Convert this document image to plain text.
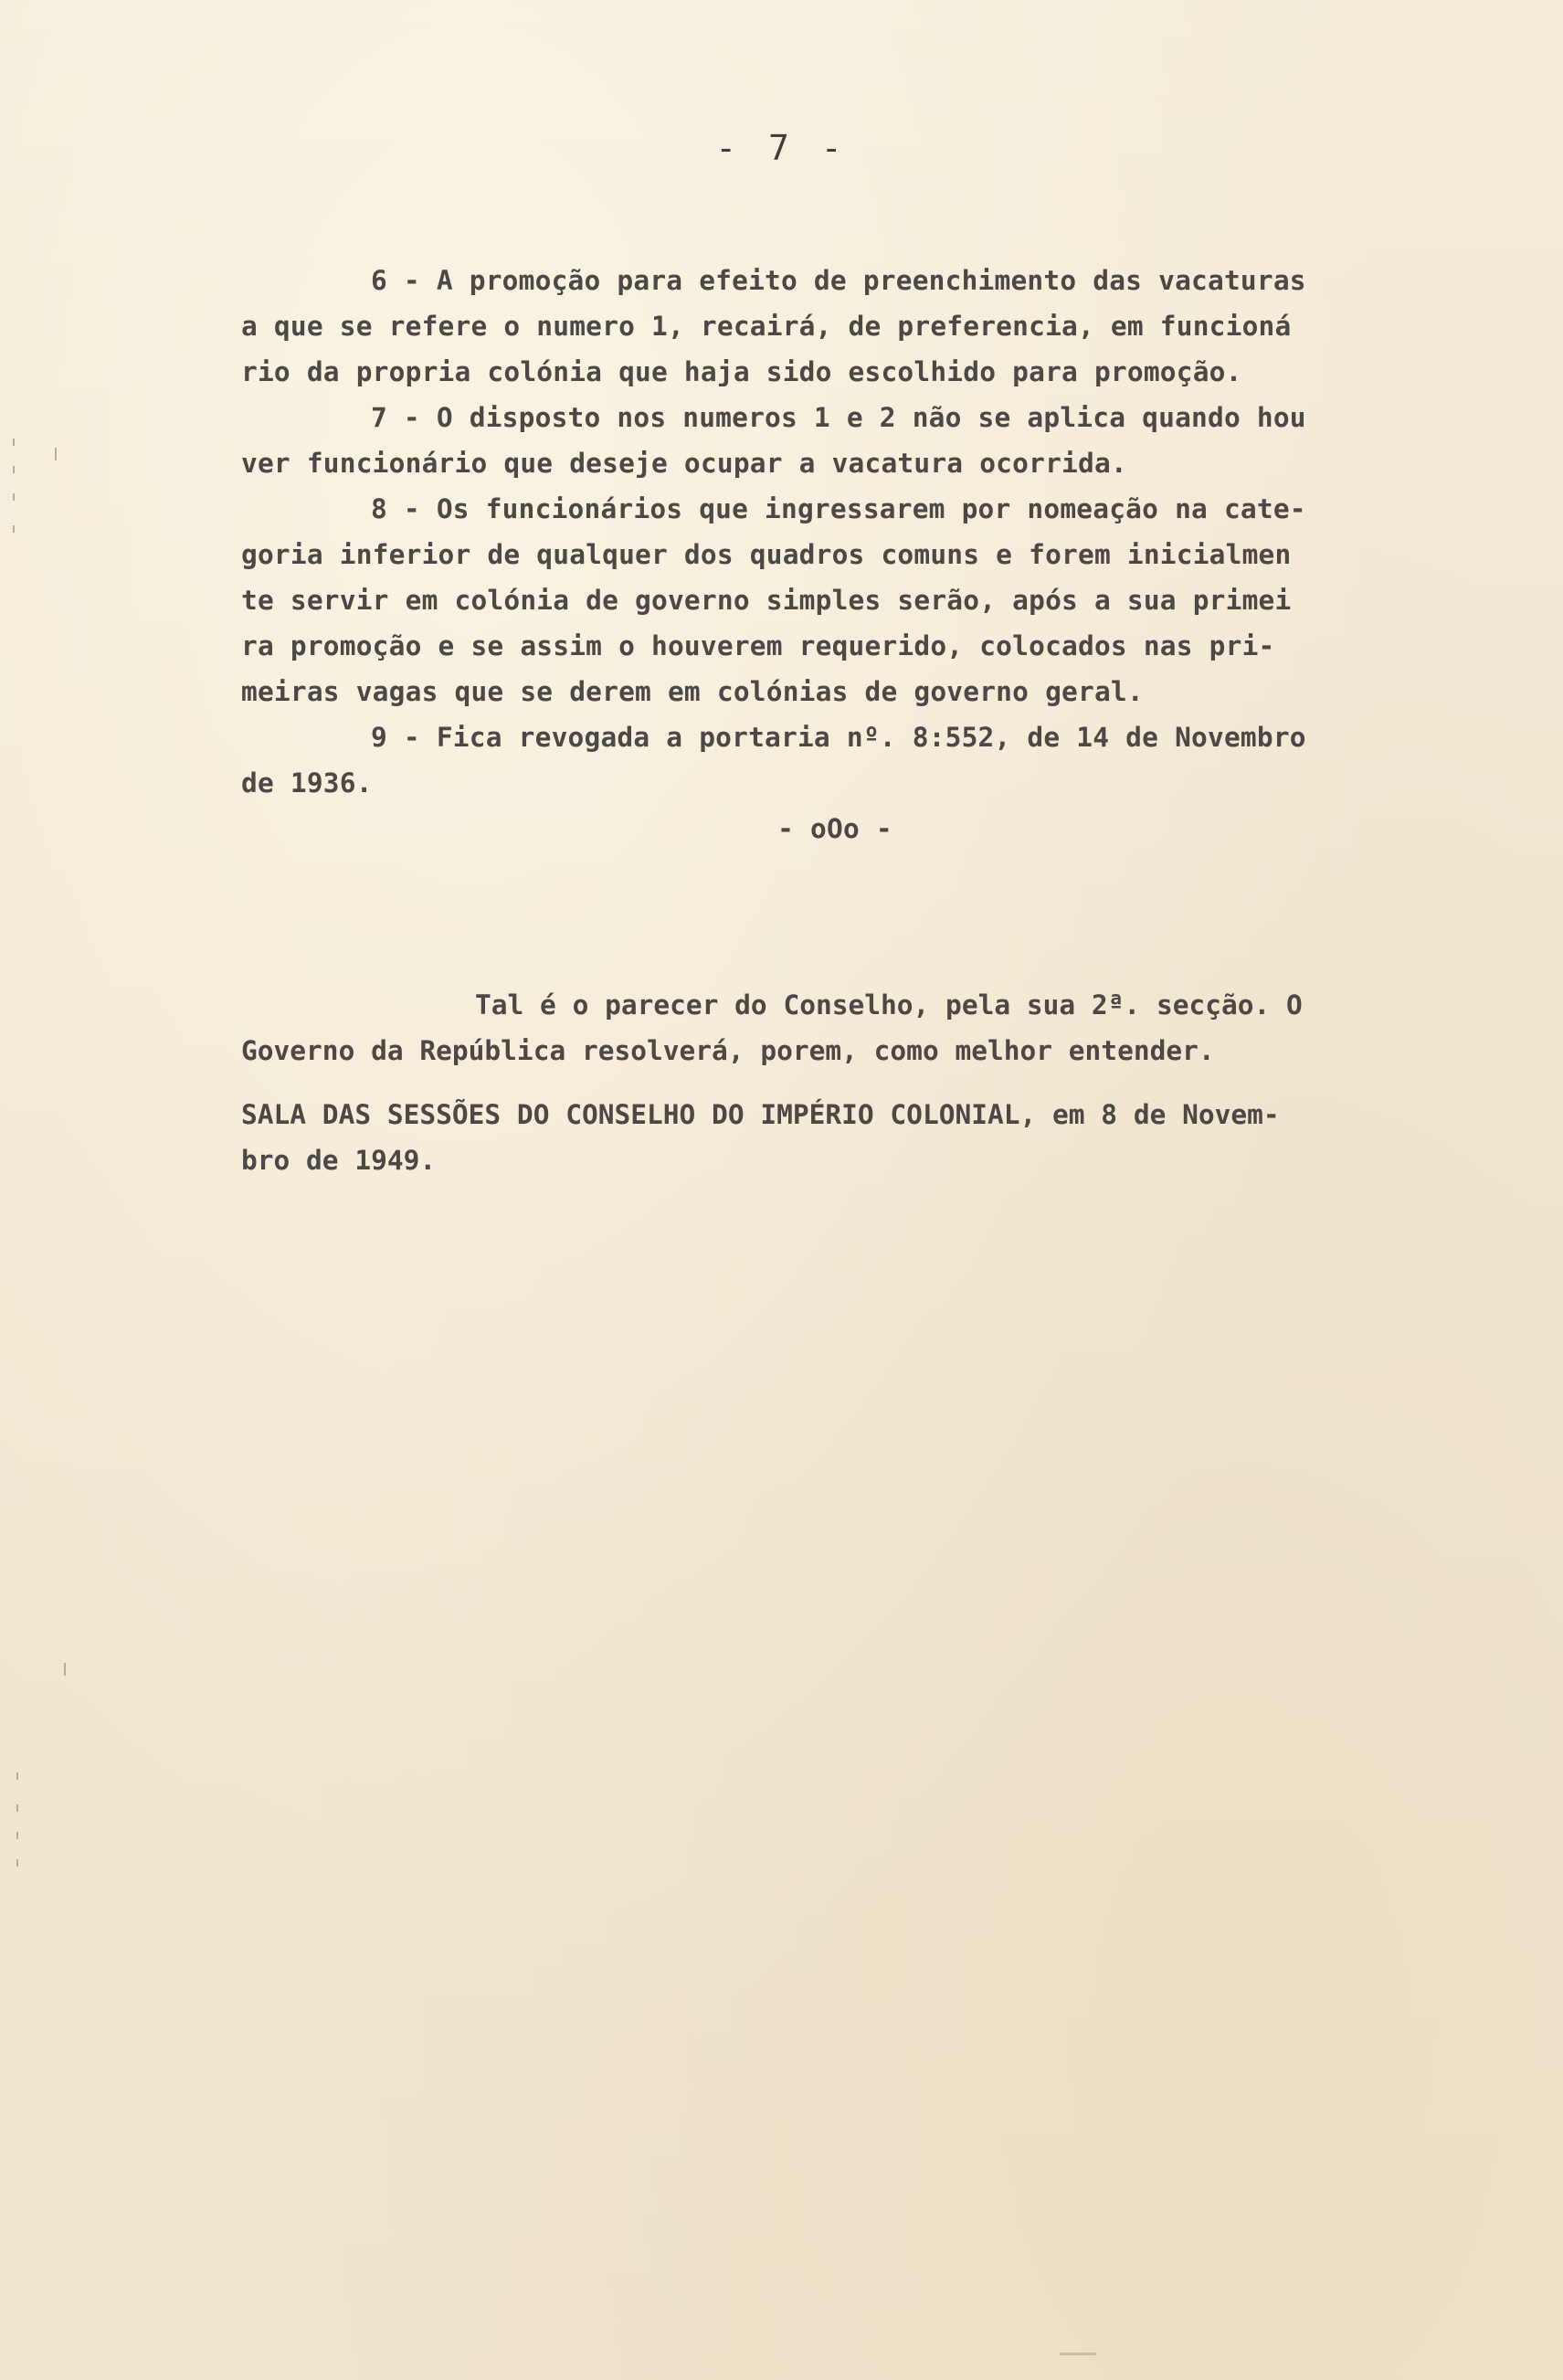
- 7 -
6 - A promoção para efeito de preenchimento das vacaturas
a que se refere o numero 1, recairá, de preferencia, em funcioná
rio da propria colónia que haja sido escolhido para promoção.
7 - O disposto nos numeros 1 e 2 não se aplica quando hou
ver funcionário que deseje ocupar a vacatura ocorrida.
8 - Os funcionários que ingressarem por nomeação na cate-
goria inferior de qualquer dos quadros comuns e forem inicialmen
te servir em colónia de governo simples serão, após a sua primei
ra promoção e se assim o houverem requerido, colocados nas pri-
meiras vagas que se derem em colónias de governo geral.
9 - Fica revogada a portaria nº. 8:552, de 14 de Novembro
de 1936.
- oOo -
Tal é o parecer do Conselho, pela sua 2ª. secção. O
Governo da República resolverá, porem, como melhor entender.
SALA DAS SESSÕES DO CONSELHO DO IMPÉRIO COLONIAL, em 8 de Novem-
bro de 1949.
